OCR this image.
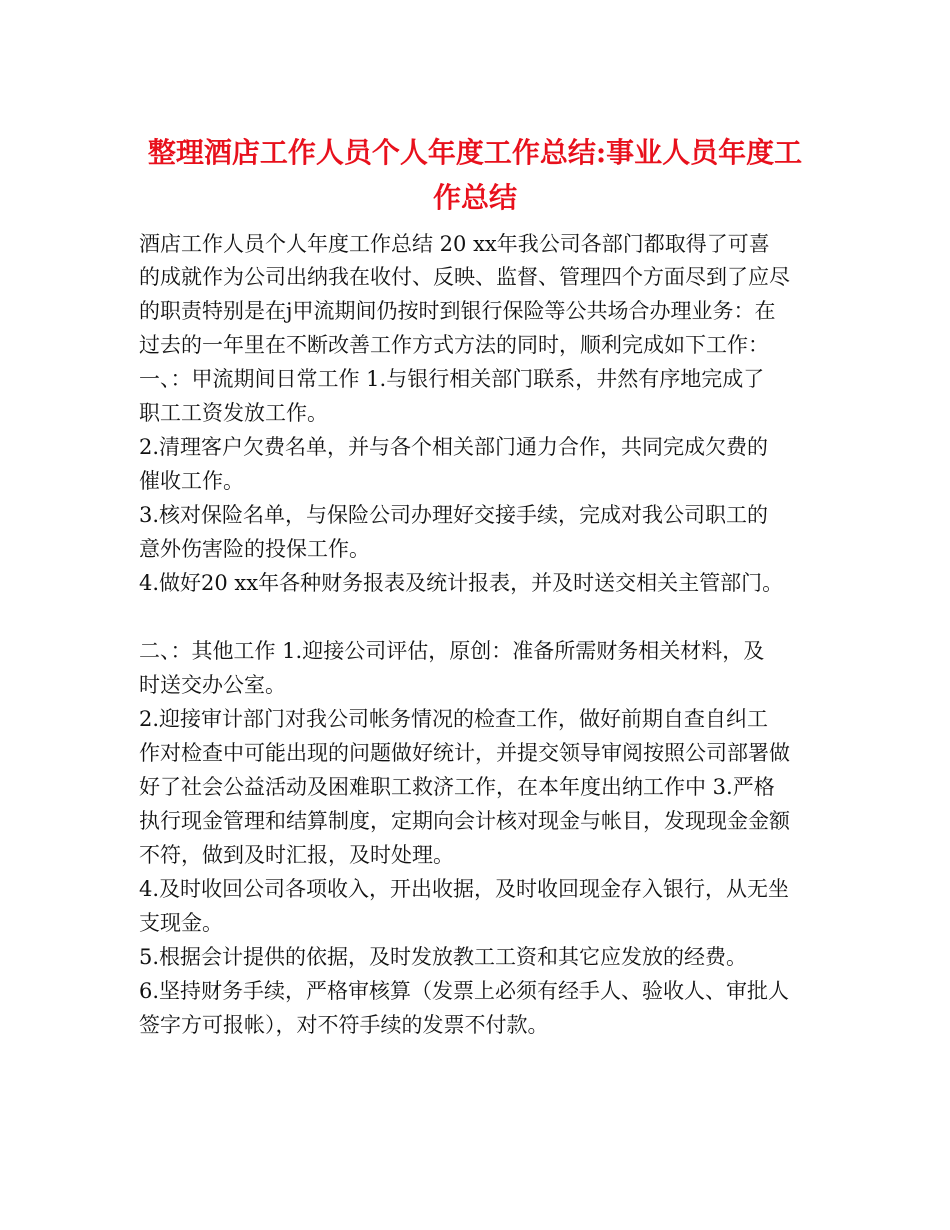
整理酒店工作人员个人年度工作总结:事业人员年度工
作总结
酒店工作人员个人年度工作总结 20 xx年我公司各部门都取得了可喜
的成就作为公司出纳我在收付、反映、监督、管理四个方面尽到了应尽
的职责特别是在j甲流期间仍按时到银行保险等公共场合办理业务：在
过去的一年里在不断改善工作方式方法的同时，顺利完成如下工作：
一、：甲流期间日常工作 1.与银行相关部门联系，井然有序地完成了
职工工资发放工作。
2.清理客户欠费名单，并与各个相关部门通力合作，共同完成欠费的
催收工作。
3.核对保险名单，与保险公司办理好交接手续，完成对我公司职工的
意外伤害险的投保工作。
4.做好20 xx年各种财务报表及统计报表，并及时送交相关主管部门。
二、：其他工作 1.迎接公司评估，原创：准备所需财务相关材料，及
时送交办公室。
2.迎接审计部门对我公司帐务情况的检查工作，做好前期自查自纠工
作对检查中可能出现的问题做好统计，并提交领导审阅按照公司部署做
好了社会公益活动及困难职工救济工作，在本年度出纳工作中 3.严格
执行现金管理和结算制度，定期向会计核对现金与帐目，发现现金金额
不符，做到及时汇报，及时处理。
4.及时收回公司各项收入，开出收据，及时收回现金存入银行，从无坐
支现金。
5.根据会计提供的依据，及时发放教工工资和其它应发放的经费。
6.坚持财务手续，严格审核算（发票上必须有经手人、验收人、审批人
签字方可报帐），对不符手续的发票不付款。
